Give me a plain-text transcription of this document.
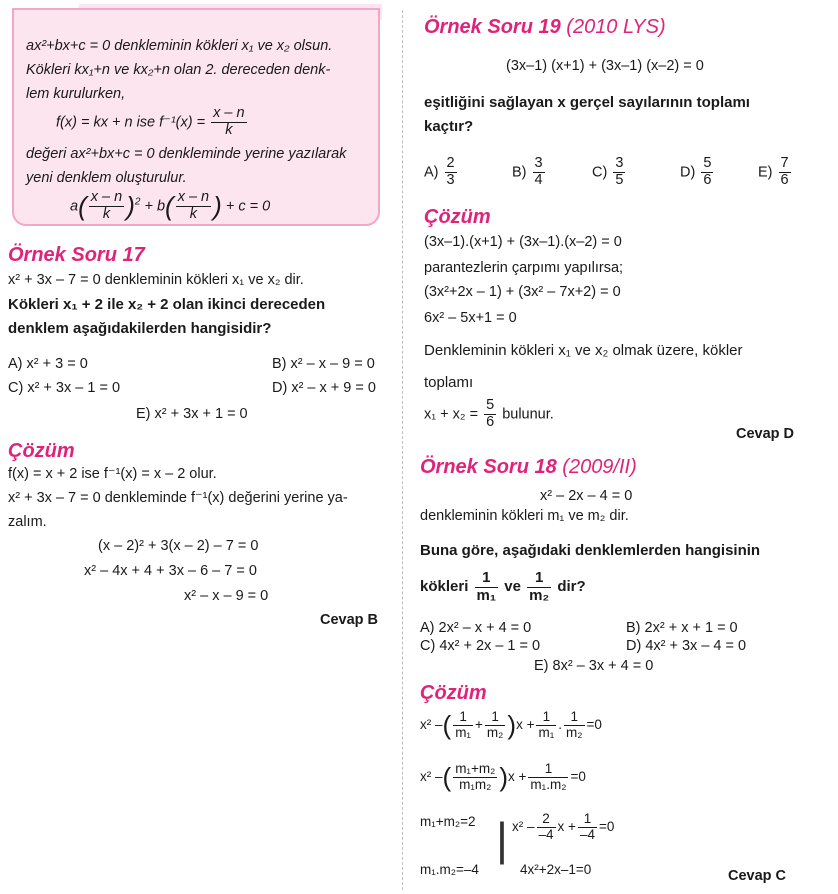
ax²+bx+c = 0 denkleminin kökleri x₁ ve x₂ olsun.
Kökleri kx₁+n ve kx₂+n olan 2. dereceden denk-
lem kurulurken,
f(x) = kx + n ise $f^{-1}(x) = \frac{x - n}{k}$
değeri ax²+bx+c = 0 denkleminde yerine yazılarak
yeni denklem oluşturulur.
$a( \frac{x - n}{k} )^2 + b( \frac{x - n}{k}$ ) + c = 0
Örnek Soru 17
x² + 3x – 7 = 0 denkleminin kökleri x₁ ve x₂ dir.
Kökleri x₁ + 2 ile x₂ + 2 olan ikinci dereceden
denklem aşağıdakilerden hangisidir?
A) x² + 3 = 0	B) x² – x – 9 = 0
C) x² + 3x – 1 = 0	D) x² – x + 9 = 0
E) x² + 3x + 1 = 0
Çözüm
f(x) = x + 2 ise f⁻¹(x) = x – 2 olur.
x² + 3x – 7 = 0 denkleminde f⁻¹(x) değerini yerine ya-
zalım.
(x – 2)² + 3(x – 2) – 7 = 0
x² – 4x + 4 + 3x – 6 – 7 = 0
x² – x – 9 = 0
Cevap B
Örnek Soru 19 (2010 LYS)
(3x–1) (x+1) + (3x–1) (x–2) = 0
eşitliğini sağlayan x gerçel sayılarının toplamı
kaçtır?
$A) \frac{2}{3}$	$B) \frac{3}{4}$	$C) \frac{3}{5}$	$D) \frac{5}{6}$	$E) \frac{7}{6}$
Çözüm
(3x–1).(x+1) + (3x–1).(x–2) = 0
parantezlerin çarpımı yapılırsa;
(3x²+2x – 1) + (3x² – 7x+2) = 0
6x² – 5x+1 = 0
Denkleminin kökleri x₁ ve x₂ olmak üzere, kökler
toplamı
$x_1 + x_2 = \frac{5}{6}$ bulunur.
Cevap D
Örnek Soru 18 (2009/II)
x² – 2x – 4 = 0
denkleminin kökleri m₁ ve m₂ dir.
Buna göre, aşağıdaki denklemlerden hangisinin
kökleri $\frac{1}{\text{m₁}}$ ve $\frac{1}{\text{m₂}}$ dir?
A) 2x² – x + 4 = 0	B) 2x² + x + 1 = 0
C) 4x² + 2x – 1 = 0	D) 4x² + 3x – 4 = 0
E) 8x² – 3x + 4 = 0
Çözüm
x² –( $\frac{1}{\text{m₁}} + \frac{1}{\text{m₂}} )x + \frac{1}{\text{m₁}}$ . $\frac{1}{\text{m₂}} =0$
x² –( $\frac{\text{m₁+m₂}}{\text{m₁m₂}} )x + \frac{1}{\text{m₁.m₂}} =0$
m₁+m₂=2
m₁.m₂=–4
| $x^2 - \frac{2}{-4}$ $x + \frac{1}{-4} =0$
4x²+2x–1=0	Cevap C
